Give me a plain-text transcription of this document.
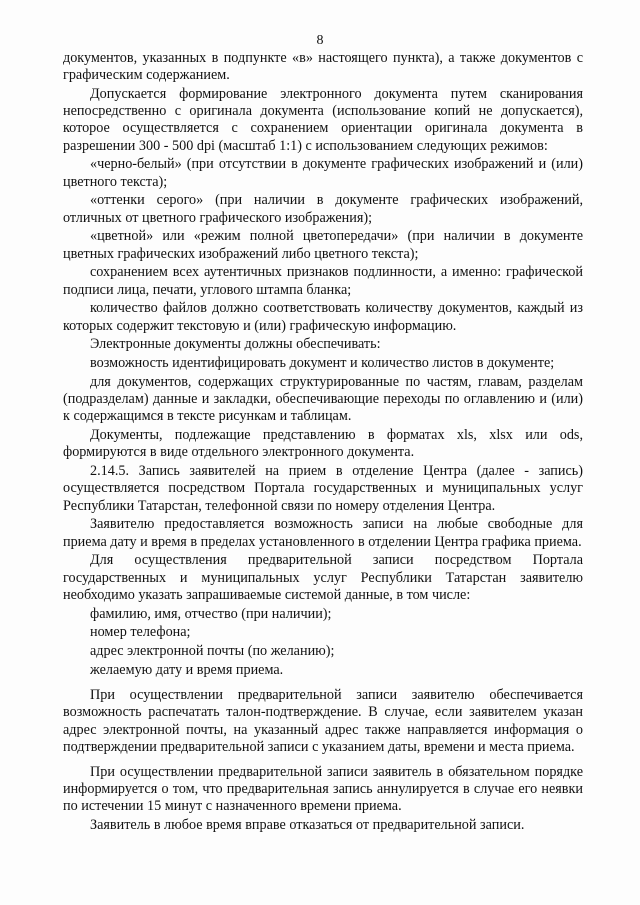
8

документов, указанных в подпункте «в» настоящего пункта), а также документов с графическим содержанием.

Допускается формирование электронного документа путем сканирования непосредственно с оригинала документа (использование копий не допускается), которое осуществляется с сохранением ориентации оригинала документа в разрешении 300 - 500 dpi (масштаб 1:1) с использованием следующих режимов:

«черно-белый» (при отсутствии в документе графических изображений и (или) цветного текста);

«оттенки серого» (при наличии в документе графических изображений, отличных от цветного графического изображения);

«цветной» или «режим полной цветопередачи» (при наличии в документе цветных графических изображений либо цветного текста);

сохранением всех аутентичных признаков подлинности, а именно: графической подписи лица, печати, углового штампа бланка;

количество файлов должно соответствовать количеству документов, каждый из которых содержит текстовую и (или) графическую информацию.

Электронные документы должны обеспечивать:

возможность идентифицировать документ и количество листов в документе;

для документов, содержащих структурированные по частям, главам, разделам (подразделам) данные и закладки, обеспечивающие переходы по оглавлению и (или) к содержащимся в тексте рисункам и таблицам.

Документы, подлежащие представлению в форматах xls, xlsx или ods, формируются в виде отдельного электронного документа.

2.14.5. Запись заявителей на прием в отделение Центра (далее - запись) осуществляется посредством Портала государственных и муниципальных услуг Республики Татарстан, телефонной связи по номеру отделения Центра.

Заявителю предоставляется возможность записи на любые свободные для приема дату и время в пределах установленного в отделении Центра графика приема.

Для осуществления предварительной записи посредством Портала государственных и муниципальных услуг Республики Татарстан заявителю необходимо указать запрашиваемые системой данные, в том числе:

фамилию, имя, отчество (при наличии);

номер телефона;

адрес электронной почты (по желанию);

желаемую дату и время приема.

При осуществлении предварительной записи заявителю обеспечивается возможность распечатать талон-подтверждение. В случае, если заявителем указан адрес электронной почты, на указанный адрес также направляется информация о подтверждении предварительной записи с указанием даты, времени и места приема.

При осуществлении предварительной записи заявитель в обязательном порядке информируется о том, что предварительная запись аннулируется в случае его неявки по истечении 15 минут с назначенного времени приема.

Заявитель в любое время вправе отказаться от предварительной записи.
